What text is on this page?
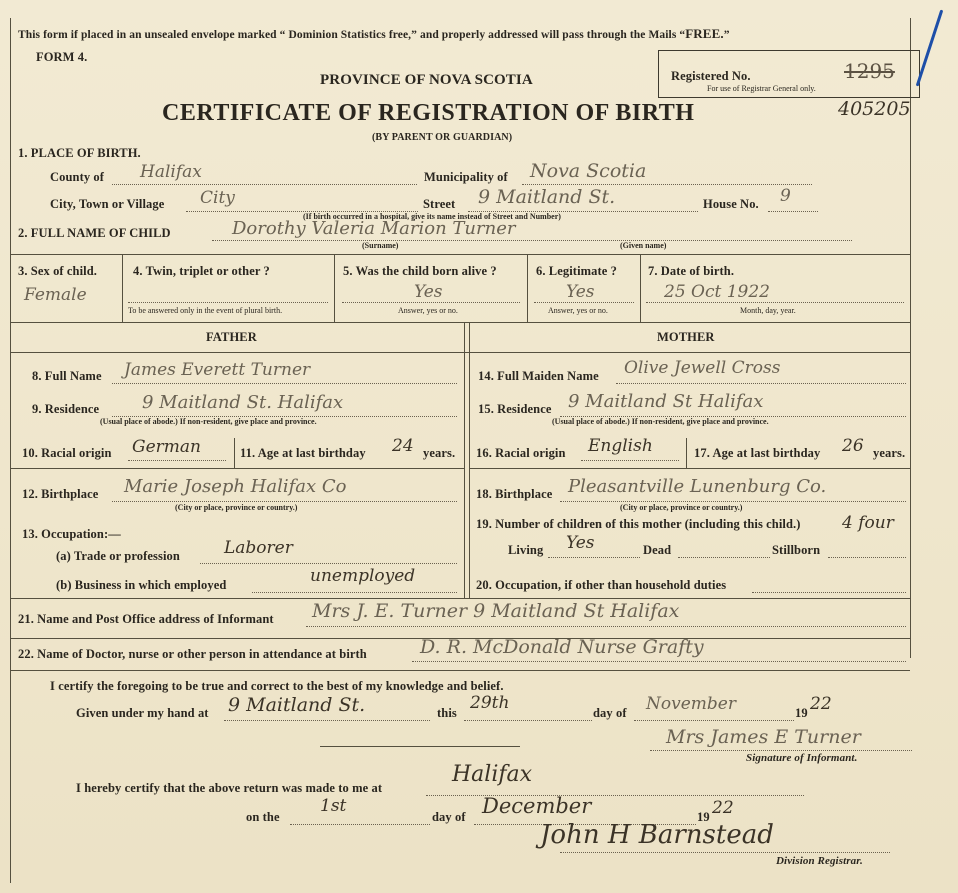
This form if placed in an unsealed envelope marked “ Dominion Statistics free,” and properly addressed will pass through the Mails “FREE.”
FORM 4.
PROVINCE OF NOVA SCOTIA
CERTIFICATE OF REGISTRATION OF BIRTH
(BY PARENT OR GUARDIAN)
Registered No.	1295
For use of Registrar General only.
405205
1. PLACE OF BIRTH.
County of Halifax	Municipality of Nova Scotia
City, Town or Village City	Street 9 Maitland St.	House No. 9
(If birth occurred in a hospital, give its name instead of Street and Number)
2. FULL NAME OF CHILD	Dorothy Valeria Marion Turner
(Surname)	(Given name)
3. Sex of child.
Female
4. Twin, triplet or other ?
To be answered only in the event of plural birth.
5. Was the child born alive ?
Yes
Answer, yes or no.
6. Legitimate ?
Yes
Answer, yes or no.
7. Date of birth.
25 Oct 1922
Month, day, year.
FATHER	MOTHER
8. Full Name James Everett Turner
9. Residence 9 Maitland St. Halifax
(Usual place of abode.) If non-resident, give place and province.
10. Racial origin German	11. Age at last birthday 24 years.
12. Birthplace Marie Joseph Halifax Co
(City or place, province or country.)
13. Occupation:—
(a) Trade or profession	Laborer
(b) Business in which employed	unemployed
14. Full Maiden Name Olive Jewell Cross
15. Residence 9 Maitland St Halifax
(Usual place of abode.) If non-resident, give place and province.
16. Racial origin English	17. Age at last birthday 26 years.
18. Birthplace Pleasantville Lunenburg Co.
(City or place, province or country.)
19. Number of children of this mother (including this child.) 4 four
Living Yes	Dead	Stillborn
20. Occupation, if other than household duties
21. Name and Post Office address of Informant Mrs J. E. Turner 9 Maitland St Halifax
22. Name of Doctor, nurse or other person in attendance at birth	D. R. McDonald Nurse Grafty
I certify the foregoing to be true and correct to the best of my knowledge and belief.
Given under my hand at 9 Maitland St.	this 29th	day of November	19 22
Mrs James E Turner
Signature of Informant.
I hereby certify that the above return was made to me at
Halifax
on the
1st
day of December	19 22
John H Barnstead
Division Registrar.
